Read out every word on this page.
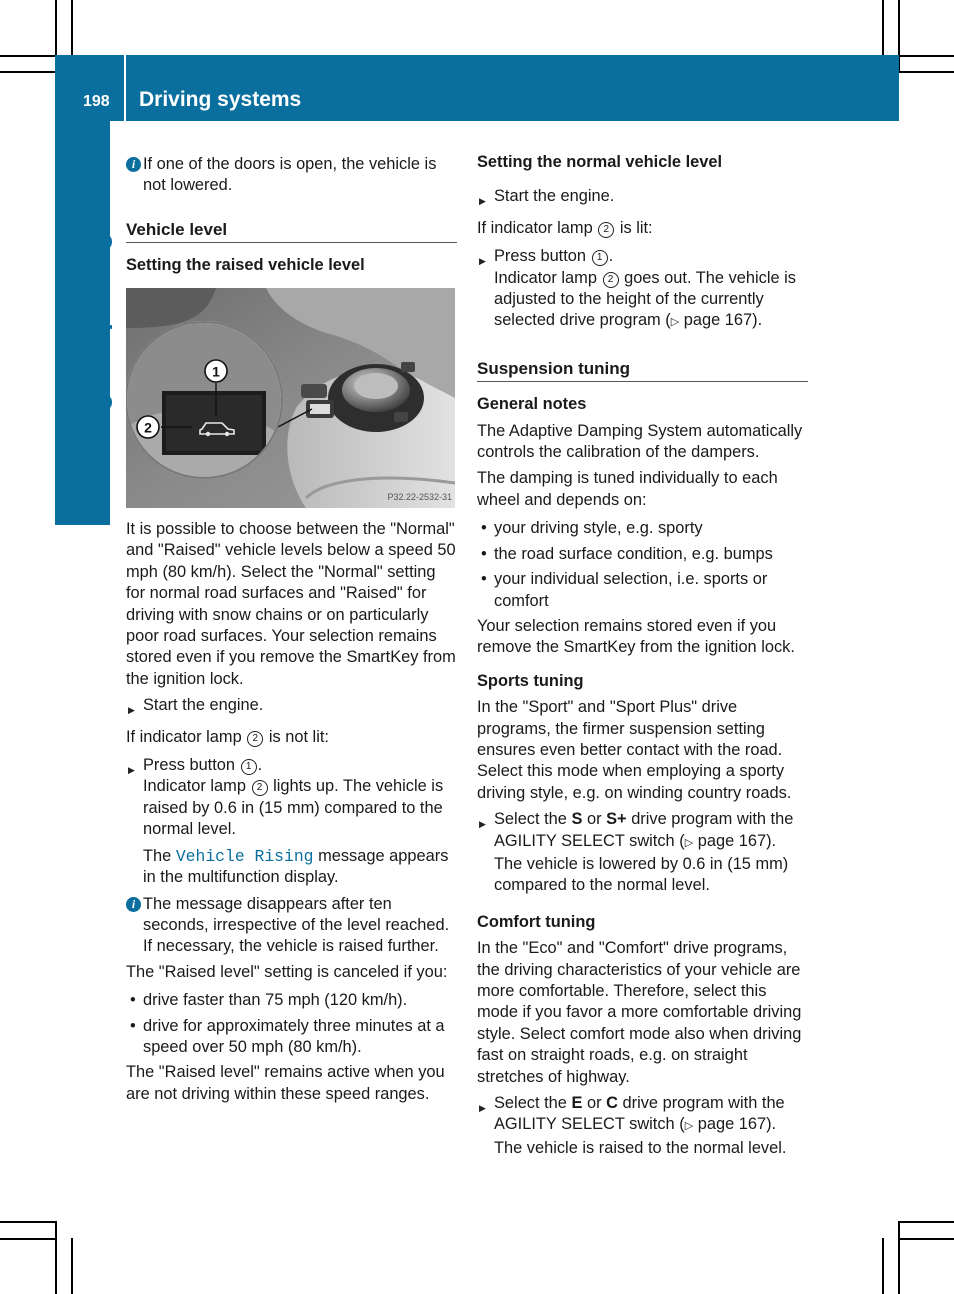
198 Driving systems
Driving and parking

i If one of the doors is open, the vehicle is not lowered.

Vehicle level

Setting the raised vehicle level

1
2
P32.22-2532-31

It is possible to choose between the "Normal" and "Raised" vehicle levels below a speed 50 mph (80 km/h). Select the "Normal" setting for normal road surfaces and "Raised" for driving with snow chains or on particularly poor road surfaces. Your selection remains stored even if you remove the SmartKey from the ignition lock.

▶ Start the engine.

If indicator lamp 2 is not lit:

▶ Press button 1 .

Indicator lamp 2 lights up. The vehicle is raised by 0.6 in (15 mm) compared to the normal level.

The Vehicle Rising message appears in the multifunction display.

i The message disappears after ten seconds, irrespective of the level reached. If necessary, the vehicle is raised further.

The "Raised level" setting is canceled if you:

• drive faster than 75 mph (120 km/h).

• drive for approximately three minutes at a speed over 50 mph (80 km/h).

The "Raised level" remains active when you are not driving within these speed ranges.

Setting the normal vehicle level

▶ Start the engine.

If indicator lamp 2 is lit:

▶ Press button 1 .

Indicator lamp 2 goes out. The vehicle is adjusted to the height of the currently selected drive program (▷ page 167).

Suspension tuning

General notes

The Adaptive Damping System automatically controls the calibration of the dampers.

The damping is tuned individually to each wheel and depends on:

• your driving style, e.g. sporty

• the road surface condition, e.g. bumps

• your individual selection, i.e. sports or comfort

Your selection remains stored even if you remove the SmartKey from the ignition lock.

Sports tuning

In the "Sport" and "Sport Plus" drive programs, the firmer suspension setting ensures even better contact with the road. Select this mode when employing a sporty driving style, e.g. on winding country roads.

▶ Select the S or S+ drive program with the AGILITY SELECT switch (▷ page 167).

The vehicle is lowered by 0.6 in (15 mm) compared to the normal level.

Comfort tuning

In the "Eco" and "Comfort" drive programs, the driving characteristics of your vehicle are more comfortable. Therefore, select this mode if you favor a more comfortable driving style. Select comfort mode also when driving fast on straight roads, e.g. on straight stretches of highway.

▶ Select the E or C drive program with the AGILITY SELECT switch (▷ page 167).

The vehicle is raised to the normal level.
